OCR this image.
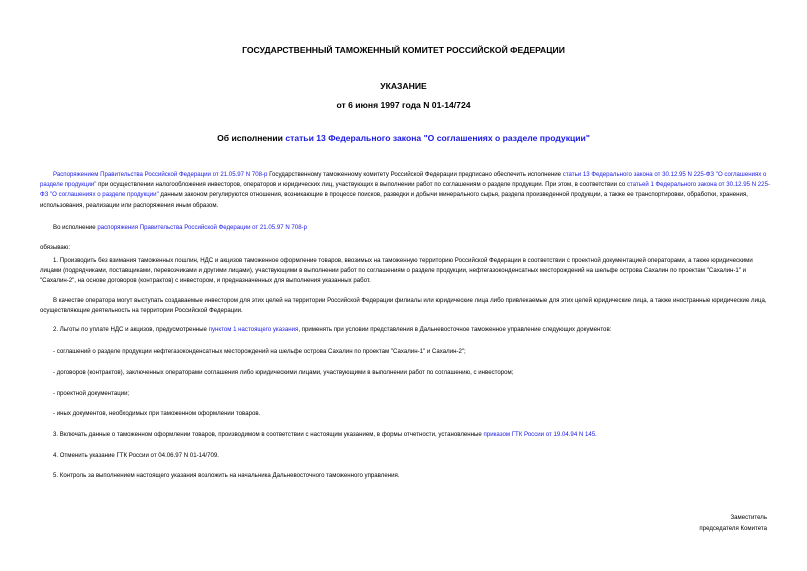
ГОСУДАРСТВЕННЫЙ ТАМОЖЕННЫЙ КОМИТЕТ РОССИЙСКОЙ ФЕДЕРАЦИИ
УКАЗАНИЕ
от 6 июня 1997 года N 01-14/724
Об исполнении статьи 13 Федерального закона "О соглашениях о разделе продукции"

Распоряжением Правительства Российской Федерации от 21.05.97 N 708-р Государственному таможенному комитету Российской Федерации предписано обеспечить исполнение статьи 13 Федерального закона от 30.12.95 N 225-ФЗ "О соглашениях о разделе продукции" при осуществлении налогообложения инвесторов, операторов и юридических лиц, участвующих в выполнении работ по соглашениям о разделе продукции. При этом, в соответствии со статьей 1 Федерального закона от 30.12.95 N 225-ФЗ "О соглашениях о разделе продукции" данным законом регулируются отношения, возникающие в процессе поисков, разведки и добычи минерального сырья, раздела произведенной продукции, а также ее транспортировки, обработки, хранения, использования, реализации или распоряжения иным образом.

Во исполнение распоряжения Правительства Российской Федерации от 21.05.97 N 708-р

обязываю:

1. Производить без взимания таможенных пошлин, НДС и акцизов таможенное оформление товаров, ввозимых на таможенную территорию Российской Федерации в соответствии с проектной документацией операторами, а также юридическими лицами (подрядчиками, поставщиками, перевозчиками и другими лицами), участвующими в выполнении работ по соглашениям о разделе продукции, нефтегазоконденсатных месторождений на шельфе острова Сахалин по проектам "Сахалин-1" и "Сахалин-2", на основе договоров (контрактов) с инвестором, и предназначенных для выполнения указанных работ.

В качестве оператора могут выступать создаваемые инвестором для этих целей на территории Российской Федерации филиалы или юридические лица либо привлекаемые для этих целей юридические лица, а также иностранные юридические лица, осуществляющие деятельность на территории Российской Федерации.

2. Льготы по уплате НДС и акцизов, предусмотренные пунктом 1 настоящего указания, применять при условии представления в Дальневосточное таможенное управление следующих документов:

- соглашений о разделе продукции нефтегазоконденсатных месторождений на шельфе острова Сахалин по проектам "Сахалин-1" и Сахалин-2";

- договоров (контрактов), заключенных операторами соглашения либо юридическими лицами, участвующими в выполнении работ по соглашению, с инвестором;

- проектной документации;

- иных документов, необходимых при таможенном оформлении товаров.

3. Включать данные о таможенном оформлении товаров, производимом в соответствии с настоящим указанием, в формы отчетности, установленные приказом ГТК России от 19.04.94 N 145.

4. Отменить указание ГТК России от 04.06.97 N 01-14/709.

5. Контроль за выполнением настоящего указания возложить на начальника Дальневосточного таможенного управления.

Заместитель
председателя Комитета
